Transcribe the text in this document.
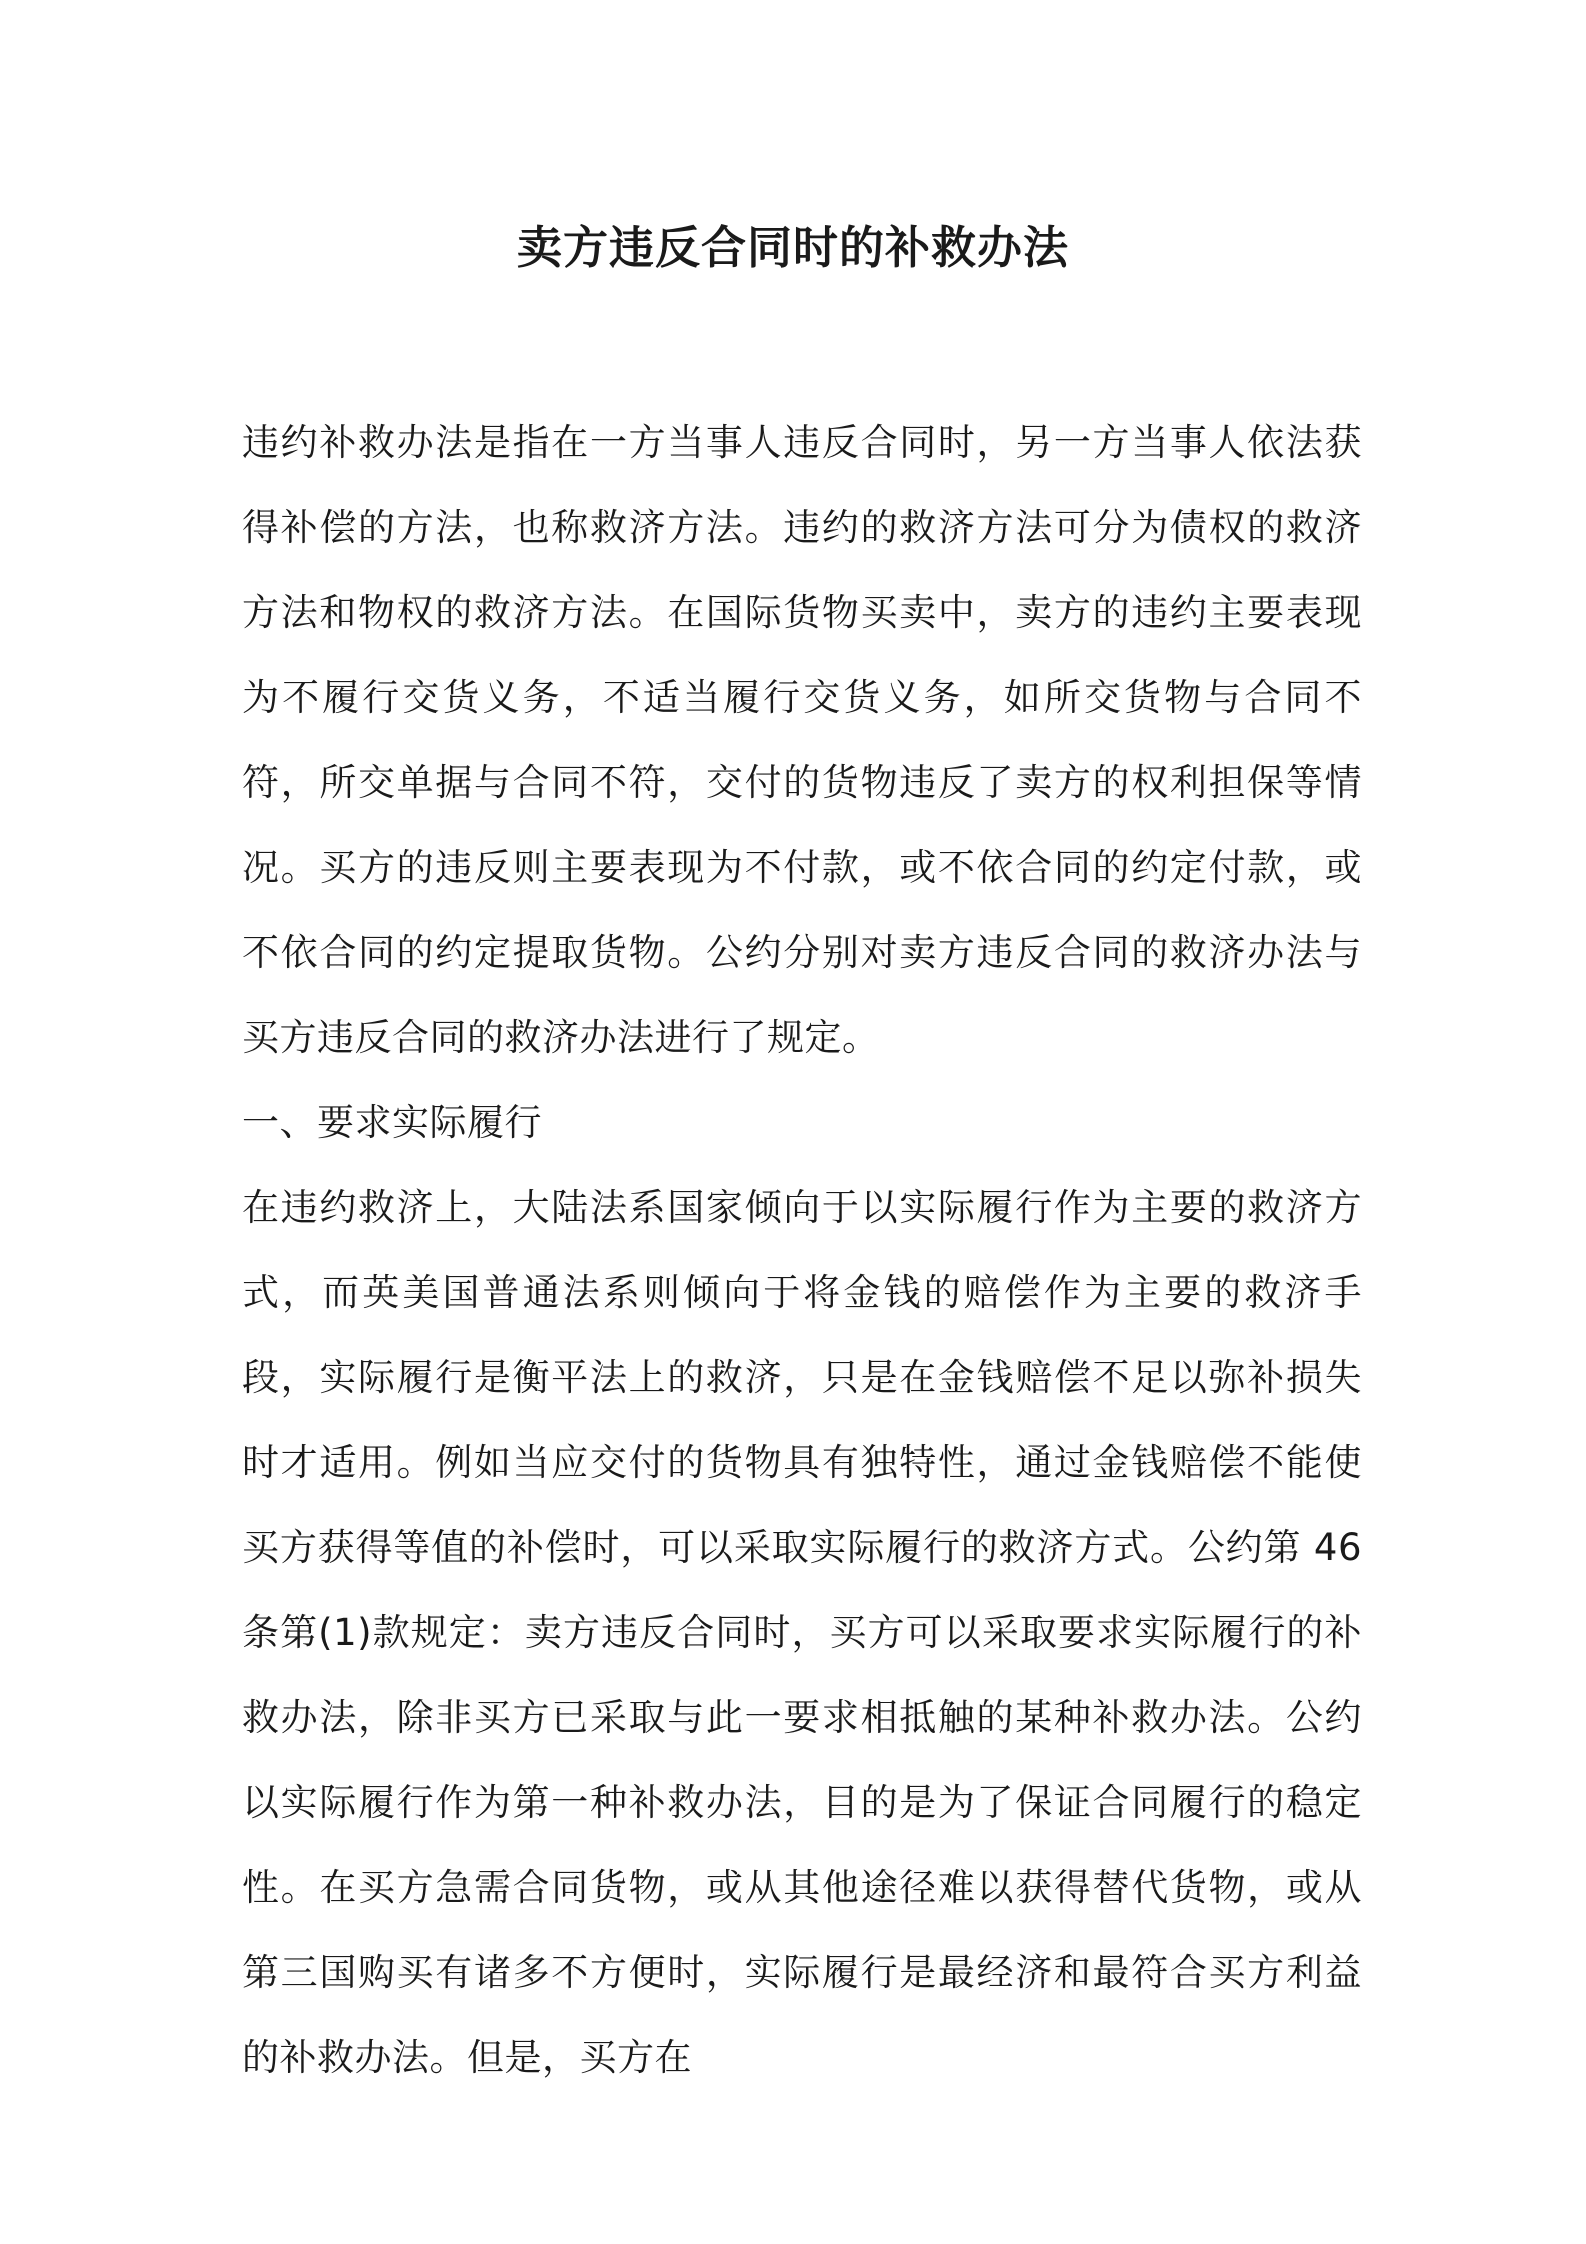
卖方违反合同时的补救办法

违约补救办法是指在一方当事人违反合同时，另一方当事人依法获得补偿的方法，也称救济方法。违约的救济方法可分为债权的救济方法和物权的救济方法。在国际货物买卖中，卖方的违约主要表现为不履行交货义务，不适当履行交货义务，如所交货物与合同不符，所交单据与合同不符，交付的货物违反了卖方的权利担保等情况。买方的违反则主要表现为不付款，或不依合同的约定付款，或不依合同的约定提取货物。公约分别对卖方违反合同的救济办法与买方违反合同的救济办法进行了规定。

一、要求实际履行

在违约救济上，大陆法系国家倾向于以实际履行作为主要的救济方式，而英美国普通法系则倾向于将金钱的赔偿作为主要的救济手段，实际履行是衡平法上的救济，只是在金钱赔偿不足以弥补损失时才适用。例如当应交付的货物具有独特性，通过金钱赔偿不能使买方获得等值的补偿时，可以采取实际履行的救济方式。公约第 46 条第(1)款规定：卖方违反合同时，买方可以采取要求实际履行的补救办法，除非买方已采取与此一要求相抵触的某种补救办法。公约以实际履行作为第一种补救办法，目的是为了保证合同履行的稳定性。在买方急需合同货物，或从其他途径难以获得替代货物，或从第三国购买有诸多不方便时，实际履行是最经济和最符合买方利益的补救办法。但是，买方在
